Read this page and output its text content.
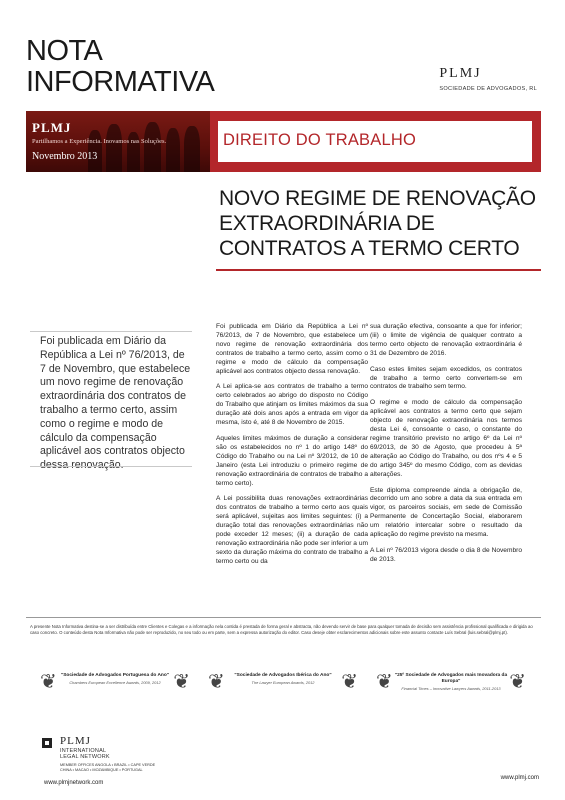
NOTA
INFORMATIVA	PLMJ
SOCIEDADE DE ADVOGADOS, RL
PLMJ
Partilhamos a Experiência. Inovamos nas Soluções.
Novembro 2013
DIREITO DO TRABALHO
NOVO REGIME DE RENOVAÇÃO
EXTRAORDINÁRIA DE
CONTRATOS A TERMO CERTO

Foi publicada em Diário da República a Lei nº 76/2013, de 7 de Novembro, que estabelece um novo regime de renovação extraordinária dos contratos de trabalho a termo certo, assim como o regime e modo de cálculo da compensação aplicável aos contratos objecto

Foi publicada em Diário da República a Lei nº 76/2013, de 7 de Novembro, que estabelece um novo regime de renovação extraordinária dos contratos de trabalho a termo certo, assim como o regime e modo de cálculo da compensação aplicável aos contratos objecto dessa renovação.

A Lei aplica-se aos contratos de trabalho a termo certo celebrados ao abrigo do disposto no Código do Trabalho que atinjam os limites máximos da sua duração até dois anos após a entrada em vigor da mesma, isto é, até 8 de Novembro de 2015.

Aqueles limites máximos de duração a considerar são os estabelecidos no nº 1 do artigo 148º do Código do Trabalho ou na Lei nº 3/2012, de 10 de Janeiro (esta Lei introduziu o primeiro regime de renovação extraordinária de contratos de trabalho a termo certo).

A Lei possibilita duas renovações extraordinárias dos contratos de trabalho a termo certo aos quais será aplicável, sujeitas aos limites seguintes: (i) a duração total das renovações extraordinárias não pode exceder 12 meses; (ii) a duração de cada renovação extraordinária não pode ser inferior a um sexto da duração máxima do contrato de trabalho a termo certo ou da

sua duração efectiva, consoante a que for inferior; (iii) o limite de vigência de qualquer contrato a termo certo objecto de renovação extraordinária é 31 de Dezembro de 2016.

Caso estes limites sejam excedidos, os contratos de trabalho a termo certo convertem-se em contratos de trabalho sem termo.

O regime e modo de cálculo da compensação aplicável aos contratos a termo certo que sejam objecto de renovação extraordinária nos termos desta Lei é, consoante o caso, o constante do regime transitório previsto no artigo 6º da Lei nº 69/2013, de 30 de Agosto, que procedeu à 5ª alteração ao Código do Trabalho, ou dos nºs 4 e 5 do artigo 345º do mesmo Código, com as devidas alterações.

Este diploma compreende ainda a obrigação de, decorrido um ano sobre a data da sua entrada em vigor, os parceiros sociais, em sede de Comissão Permanente de Concertação Social, elaborarem um relatório intercalar sobre o resultado da aplicação do regime previsto na mesma.

A Lei nº 76/2013 vigora desde o dia 8 de Novembro de 2013.

A presente Nota Informativa destina-se a ser distribuída entre Clientes e Colegas e a informação nela contida é prestada de forma geral e abstracta, não devendo servir de base para qualquer tomada de decisão sem assistência profissional qualificada e dirigida ao caso concreto. O conteúdo desta Nota Informativa não pode ser reproduzido, no seu todo ou em parte, sem a expressa autorização do editor. Caso deseje obter esclarecimentos adicionais sobre este assunto contacte Luís Sebral (luis.sebral@plmj.pt).

❦ "Sociedade de Advogados Portuguesa do Ano"
Chambers European Excellence Awards, 2009, 2012 ❦ ❦	"Sociedade de Advogados Ibérica do Ano"
The Lawyer European Awards, 2012	❦ ❦ "25º Sociedade de Advogados mais Inovadora da Europa"
Financial Times – Innovative Lawyers Awards, 2011-2013 ❦
PLMJ
INTERNATIONAL
LEGAL NETWORK
MEMBER OFFICES ANGOLA • BRAZIL • CAPE VERDE
CHINA • MACAO • MOZAMBIQUE • PORTUGAL
www.plmjnetwork.com
www.plmj.com
